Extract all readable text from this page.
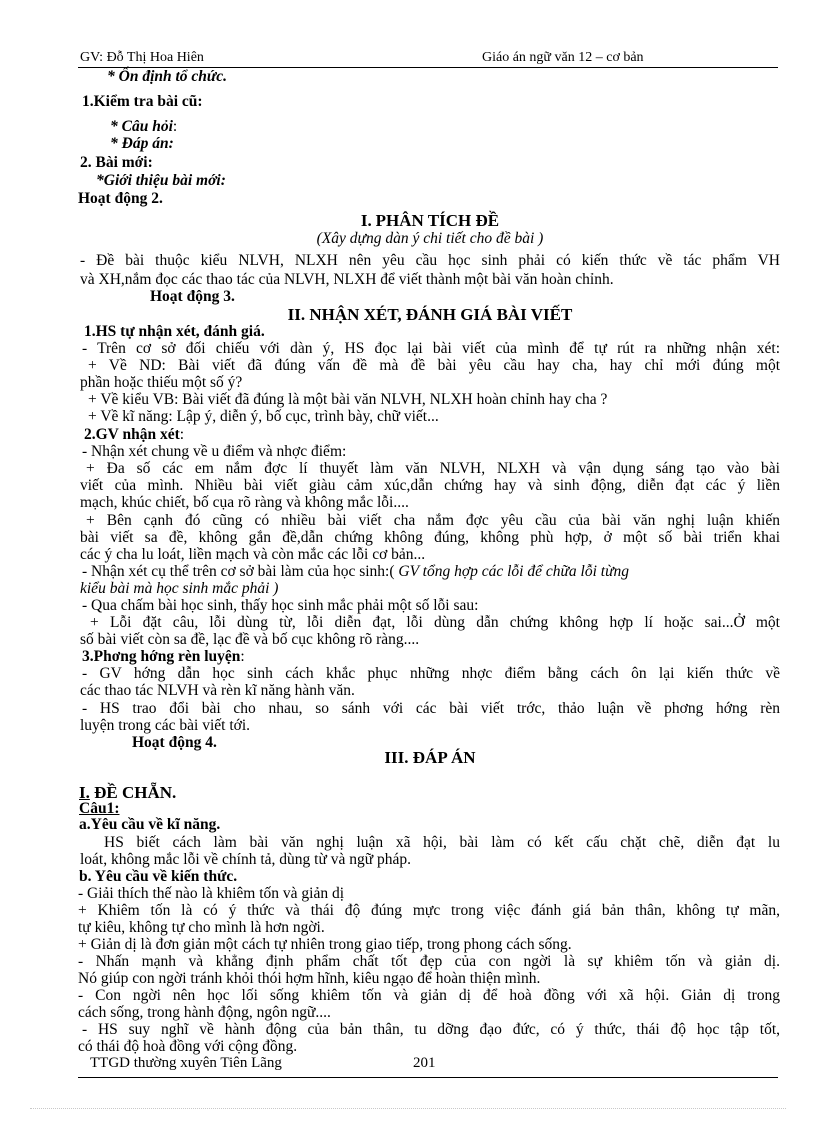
GV: Đỗ Thị Hoa Hiên	Giáo án ngữ văn 12 – cơ bản
* Ổn định tổ chức.
1.Kiểm tra bài cũ:
* Câu hỏi:
* Đáp án:
2. Bài mới:
*Giới thiệu bài mới:
Hoạt động 2.
I. PHÂN TÍCH ĐỀ
(Xây dựng dàn ý chi tiết cho đề bài )
- Đề bài thuộc kiểu NLVH, NLXH nên yêu cầu học sinh phải có kiến thức về tác phẩm VH
và XH,nắm đọc các thao tác của NLVH, NLXH để viết thành một bài văn hoàn chỉnh.
Hoạt động 3.
II. NHẬN XÉT, ĐÁNH GIÁ BÀI VIẾT
1.HS tự nhận xét, đánh giá.
- Trên cơ sở đối chiếu với dàn ý, HS đọc lại bài viết của mình để tự rút ra những nhận xét:
+ Về ND: Bài viết đã đúng vấn đề mà đề bài yêu cầu hay cha, hay chỉ mới đúng một
phần hoặc thiếu một số ý?
+ Về kiểu VB: Bài viết đã đúng là một bài văn NLVH, NLXH hoàn chỉnh hay cha ?
+ Về kĩ năng: Lập ý, diễn ý, bố cục, trình bày, chữ viết...
2.GV nhận xét:
- Nhận xét chung về u điểm và nhợc điểm:
+ Đa số các em nắm đợc lí thuyết làm văn NLVH, NLXH và vận dụng sáng tạo vào bài
viết của mình. Nhiều bài viết giàu cảm xúc,dẫn chứng hay và sinh động, diễn đạt các ý liền
mạch, khúc chiết, bố cụa rõ ràng và không mắc lỗi....
+ Bên cạnh đó cũng có nhiều bài viết cha nắm đợc yêu cầu của bài văn nghị luận khiến
bài viết sa đề, không gắn đề,dẫn chứng không đúng, không phù hợp, ở một số bài triển khai
các ý cha lu loát, liền mạch và còn mắc các lỗi cơ bản...
- Nhận xét cụ thể trên cơ sở bài làm của học sinh:( GV tổng hợp các lỗi để chữa lỗi từng
kiểu bài mà học sinh mắc phải )
- Qua chấm bài học sinh, thấy học sinh mắc phải một số lỗi sau:
+ Lỗi đặt câu, lỗi dùng từ, lỗi diễn đạt, lỗi dùng dẫn chứng không hợp lí hoặc sai...Ở một
số bài viết còn sa đề, lạc đề và bố cục không rõ ràng....
3.Phơng hớng rèn luyện:
- GV hớng dẫn học sinh cách khắc phục những nhợc điểm bằng cách ôn lại kiến thức về
các thao tác NLVH và rèn kĩ năng hành văn.
- HS trao đổi bài cho nhau, so sánh với các bài viết trớc, thảo luận về phơng hớng rèn
luyện trong các bài viết tới.
Hoạt động 4.
III. ĐÁP ÁN
I. ĐỀ CHẴN.
Câu1:
a.Yêu cầu về kĩ năng.
HS biết cách làm bài văn nghị luận xã hội, bài làm có kết cấu chặt chẽ, diễn đạt lu
loát, không mắc lỗi về chính tả, dùng từ và ngữ pháp.
b. Yêu cầu về kiến thức.
- Giải thích thế nào là khiêm tốn và giản dị
+ Khiêm tốn là có ý thức và thái độ đúng mực trong việc đánh giá bản thân, không tự mãn,
tự kiêu, không tự cho mình là hơn ngời.
+ Giản dị là đơn giản một cách tự nhiên trong giao tiếp, trong phong cách sống.
- Nhấn mạnh và khẳng định phẩm chất tốt đẹp của con ngời là sự khiêm tốn và giản dị.
Nó giúp con ngời tránh khỏi thói hợm hĩnh, kiêu ngạo để hoàn thiện mình.
- Con ngời nên học lối sống khiêm tốn và giản dị để hoà đồng với xã hội. Giản dị trong
cách sống, trong hành động, ngôn ngữ....
- HS suy nghĩ về hành động của bản thân, tu dỡng đạo đức, có ý thức, thái độ học tập tốt,
có thái độ hoà đồng với cộng đồng.
TTGD thường xuyên Tiên Lãng	201
